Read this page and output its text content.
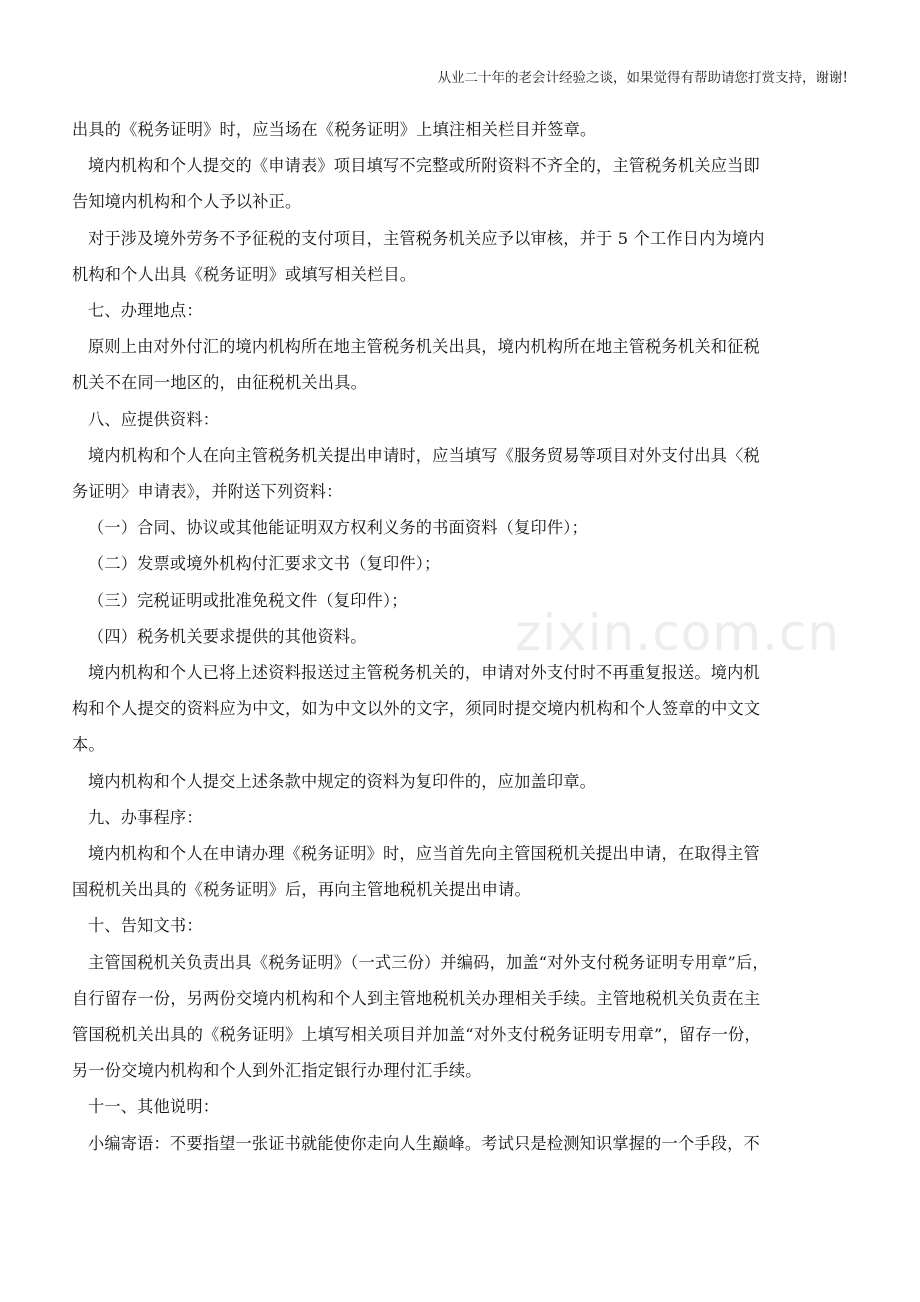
从业二十年的老会计经验之谈，如果觉得有帮助请您打赏支持，谢谢!
出具的《税务证明》时，应当场在《税务证明》上填注相关栏目并签章。
境内机构和个人提交的《申请表》项目填写不完整或所附资料不齐全的，主管税务机关应当即
告知境内机构和个人予以补正。
对于涉及境外劳务不予征税的支付项目，主管税务机关应予以审核，并于 5 个工作日内为境内
机构和个人出具《税务证明》或填写相关栏目。
七、办理地点：
原则上由对外付汇的境内机构所在地主管税务机关出具，境内机构所在地主管税务机关和征税
机关不在同一地区的，由征税机关出具。
八、应提供资料：
境内机构和个人在向主管税务机关提出申请时，应当填写《服务贸易等项目对外支付出具〈税
务证明〉申请表》，并附送下列资料：
（一）合同、协议或其他能证明双方权利义务的书面资料（复印件）；
（二）发票或境外机构付汇要求文书（复印件）；
（三）完税证明或批准免税文件（复印件）；
（四）税务机关要求提供的其他资料。
境内机构和个人已将上述资料报送过主管税务机关的，申请对外支付时不再重复报送。境内机
构和个人提交的资料应为中文，如为中文以外的文字，须同时提交境内机构和个人签章的中文文
本。
境内机构和个人提交上述条款中规定的资料为复印件的，应加盖印章。
九、办事程序：
境内机构和个人在申请办理《税务证明》时，应当首先向主管国税机关提出申请，在取得主管
国税机关出具的《税务证明》后，再向主管地税机关提出申请。
十、告知文书：
主管国税机关负责出具《税务证明》（一式三份）并编码，加盖“对外支付税务证明专用章”后，
自行留存一份，另两份交境内机构和个人到主管地税机关办理相关手续。主管地税机关负责在主
管国税机关出具的《税务证明》上填写相关项目并加盖“对外支付税务证明专用章”，留存一份，
另一份交境内机构和个人到外汇指定银行办理付汇手续。
十一、其他说明：
小编寄语：不要指望一张证书就能使你走向人生巅峰。考试只是检测知识掌握的一个手段，不
zixin.com.cn
